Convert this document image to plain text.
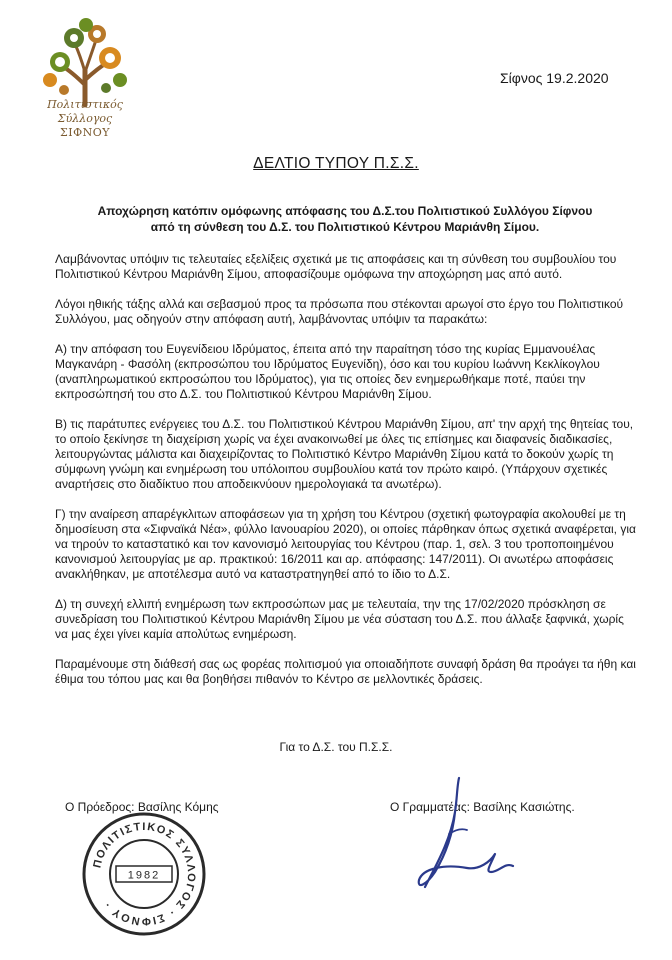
Πολιτιστικός Σύλλογος
ΣΙΦΝΟΥ
Σίφνος 19.2.2020
ΔΕΛΤΙΟ ΤΥΠΟΥ Π.Σ.Σ.
Αποχώρηση κατόπιν ομόφωνης απόφασης του Δ.Σ.του Πολιτιστικού Συλλόγου Σίφνου
από τη σύνθεση του Δ.Σ. του Πολιτιστικού Κέντρου Μαριάνθη Σίμου.

Λαμβάνοντας υπόψιν τις τελευταίες εξελίξεις σχετικά με τις αποφάσεις και τη σύνθεση του συμβουλίου του Πολιτιστικού Κέντρου Μαριάνθη Σίμου, αποφασίζουμε ομόφωνα την αποχώρηση μας από αυτό.

Λόγοι ηθικής τάξης αλλά και σεβασμού προς τα πρόσωπα που στέκονται αρωγοί στο έργο του Πολιτιστικού Συλλόγου, μας οδηγούν στην απόφαση αυτή, λαμβάνοντας υπόψιν τα παρακάτω:

Α) την απόφαση του Ευγενίδειου Ιδρύματος, έπειτα από την παραίτηση τόσο της κυρίας Εμμανουέλας Μαγκανάρη - Φασόλη (εκπροσώπου του Ιδρύματος Ευγενίδη), όσο και του κυρίου Ιωάννη Κεκλίκογλου (αναπληρωματικού εκπροσώπου του Ιδρύματος), για τις οποίες δεν ενημερωθήκαμε ποτέ, παύει την εκπροσώπησή του στο Δ.Σ. του Πολιτιστικού Κέντρου Μαριάνθη Σίμου.

Β) τις παράτυπες ενέργειες του Δ.Σ. του Πολιτιστικού Κέντρου Μαριάνθη Σίμου, απ' την αρχή της θητείας του, το οποίο ξεκίνησε τη διαχείριση χωρίς να έχει ανακοινωθεί με όλες τις επίσημες και διαφανείς διαδικασίες, λειτουργώντας μάλιστα και διαχειρίζοντας το Πολιτιστικό Κέντρο Μαριάνθη Σίμου κατά το δοκούν χωρίς τη σύμφωνη γνώμη και ενημέρωση του υπόλοιπου συμβουλίου κατά τον πρώτο καιρό. (Υπάρχουν σχετικές αναρτήσεις στο διαδίκτυο που αποδεικνύουν ημερολογιακά τα ανωτέρω).

Γ) την αναίρεση απαρέγκλιτων αποφάσεων για τη χρήση του Κέντρου (σχετική φωτογραφία ακολουθεί με τη δημοσίευση στα «Σιφναϊκά Νέα», φύλλο Ιανουαρίου 2020), οι οποίες πάρθηκαν όπως σχετικά αναφέρεται, για να τηρούν το καταστατικό και τον κανονισμό λειτουργίας του Κέντρου (παρ. 1, σελ. 3 του τροποποιημένου κανονισμού λειτουργίας με αρ. πρακτικού: 16/2011 και αρ. απόφασης: 147/2011). Οι ανωτέρω αποφάσεις ανακλήθηκαν, με αποτέλεσμα αυτό να καταστρατηγηθεί από το ίδιο το Δ.Σ.

Δ) τη συνεχή ελλιπή ενημέρωση των εκπροσώπων μας με τελευταία, την της 17/02/2020 πρόσκληση σε συνεδρίαση του Πολιτιστικού Κέντρου Μαριάνθη Σίμου με νέα σύσταση του Δ.Σ. που άλλαξε ξαφνικά, χωρίς να μας έχει γίνει καμία απολύτως ενημέρωση.

Παραμένουμε στη διάθεσή σας ως φορέας πολιτισμού για οποιαδήποτε συναφή δράση θα προάγει τα ήθη και έθιμα του τόπου μας και θα βοηθήσει πιθανόν το Κέντρο σε μελλοντικές δράσεις.

Για το Δ.Σ. του Π.Σ.Σ.
Ο Πρόεδρος: Βασίλης Κόμης	Ο Γραμματέας: Βασίλης Κασιώτης.
ΠΟΛΙΤΙΣΤΙΚΟΣ ΣΥΛΛΟΓΟΣ · ΣΙΦΝΟΥ ·
1982
